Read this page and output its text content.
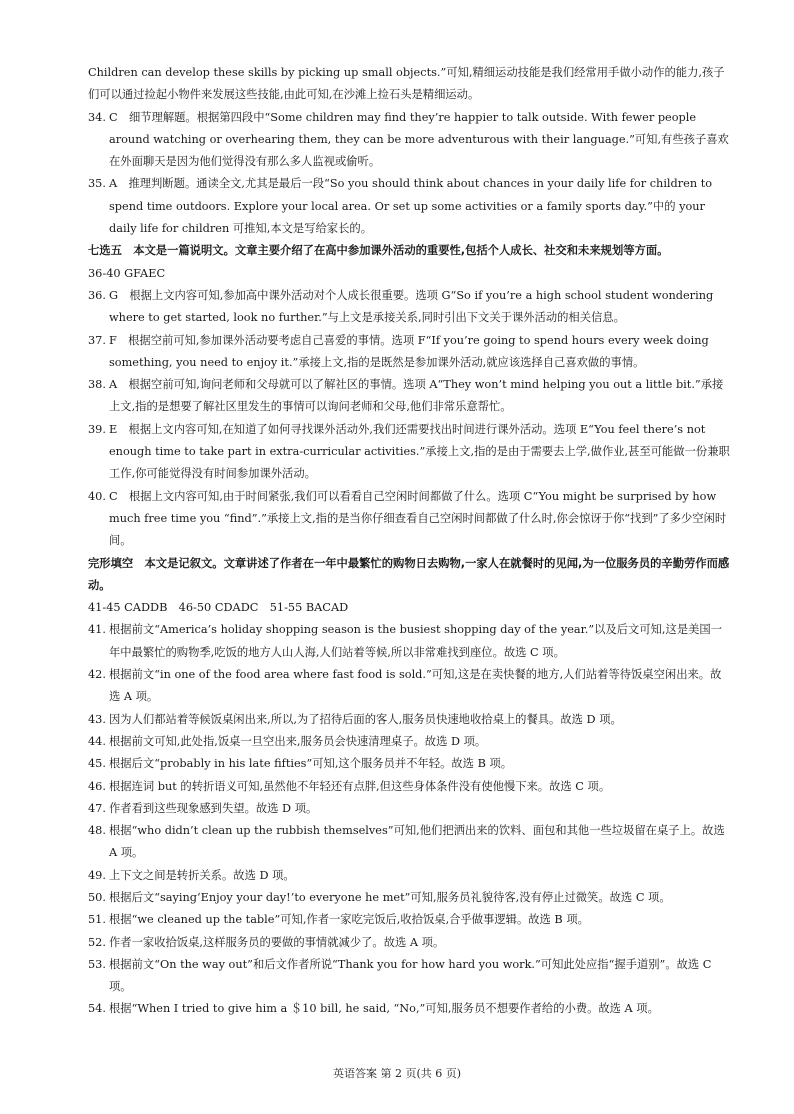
Children can develop these skills by picking up small objects.”可知,精细运动技能是我们经常用手做小动作的能力,孩子们可以通过捡起小物件来发展这些技能,由此可知,在沙滩上捡石头是精细运动。
34. C　细节理解题。根据第四段中“Some children may find they’re happier to talk outside. With fewer people around watching or overhearing them, they can be more adventurous with their language.”可知,有些孩子喜欢在外面聊天是因为他们觉得没有那么多人监视或偷听。
35. A　推理判断题。通读全文,尤其是最后一段“So you should think about chances in your daily life for children to spend time outdoors. Explore your local area. Or set up some activities or a family sports day.”中的 your daily life for children 可推知,本文是写给家长的。
七选五　本文是一篇说明文。文章主要介绍了在高中参加课外活动的重要性,包括个人成长、社交和未来规划等方面。
36-40 GFAEC
36. G　根据上文内容可知,参加高中课外活动对个人成长很重要。选项 G“So if you’re a high school student wondering where to get started, look no further.”与上文是承接关系,同时引出下文关于课外活动的相关信息。
37. F　根据空前可知,参加课外活动要考虑自己喜爱的事情。选项 F“If you’re going to spend hours every week doing something, you need to enjoy it.”承接上文,指的是既然是参加课外活动,就应该选择自己喜欢做的事情。
38. A　根据空前可知,询问老师和父母就可以了解社区的事情。选项 A“They won’t mind helping you out a little bit.”承接上文,指的是想要了解社区里发生的事情可以询问老师和父母,他们非常乐意帮忙。
39. E　根据上文内容可知,在知道了如何寻找课外活动外,我们还需要找出时间进行课外活动。选项 E“You feel there’s not enough time to take part in extra-curricular activities.”承接上文,指的是由于需要去上学,做作业,甚至可能做一份兼职工作,你可能觉得没有时间参加课外活动。
40. C　根据上文内容可知,由于时间紧张,我们可以看看自己空闲时间都做了什么。选项 C“You might be surprised by how much free time you “find”.”承接上文,指的是当你仔细查看自己空闲时间都做了什么时,你会惊讶于你“找到”了多少空闲时间。
完形填空　本文是记叙文。文章讲述了作者在一年中最繁忙的购物日去购物,一家人在就餐时的见闻,为一位服务员的辛勤劳作而感动。
41-45 CADDB　46-50 CDADC　51-55 BACAD
41. 根据前文“America’s holiday shopping season is the busiest shopping day of the year.”以及后文可知,这是美国一年中最繁忙的购物季,吃饭的地方人山人海,人们站着等候,所以非常难找到座位。故选 C 项。
42. 根据前文“in one of the food area where fast food is sold.”可知,这是在卖快餐的地方,人们站着等待饭桌空闲出来。故选 A 项。
43. 因为人们都站着等候饭桌闲出来,所以,为了招待后面的客人,服务员快速地收拾桌上的餐具。故选 D 项。
44. 根据前文可知,此处指,饭桌一旦空出来,服务员会快速清理桌子。故选 D 项。
45. 根据后文“probably in his late fifties”可知,这个服务员并不年轻。故选 B 项。
46. 根据连词 but 的转折语义可知,虽然他不年轻还有点胖,但这些身体条件没有使他慢下来。故选 C 项。
47. 作者看到这些现象感到失望。故选 D 项。
48. 根据“who didn’t clean up the rubbish themselves”可知,他们把洒出来的饮料、面包和其他一些垃圾留在桌子上。故选 A 项。
49. 上下文之间是转折关系。故选 D 项。
50. 根据后文“saying‘Enjoy your day!’to everyone he met”可知,服务员礼貌待客,没有停止过微笑。故选 C 项。
51. 根据“we cleaned up the table”可知,作者一家吃完饭后,收拾饭桌,合乎做事逻辑。故选 B 项。
52. 作者一家收拾饭桌,这样服务员的要做的事情就减少了。故选 A 项。
53. 根据前文“On the way out”和后文作者所说“Thank you for how hard you work.”可知此处应指“握手道别”。故选 C 项。
54. 根据“When I tried to give him a ＄10 bill, he said, “No,”可知,服务员不想要作者给的小费。故选 A 项。
英语答案 第 2 页(共 6 页)
